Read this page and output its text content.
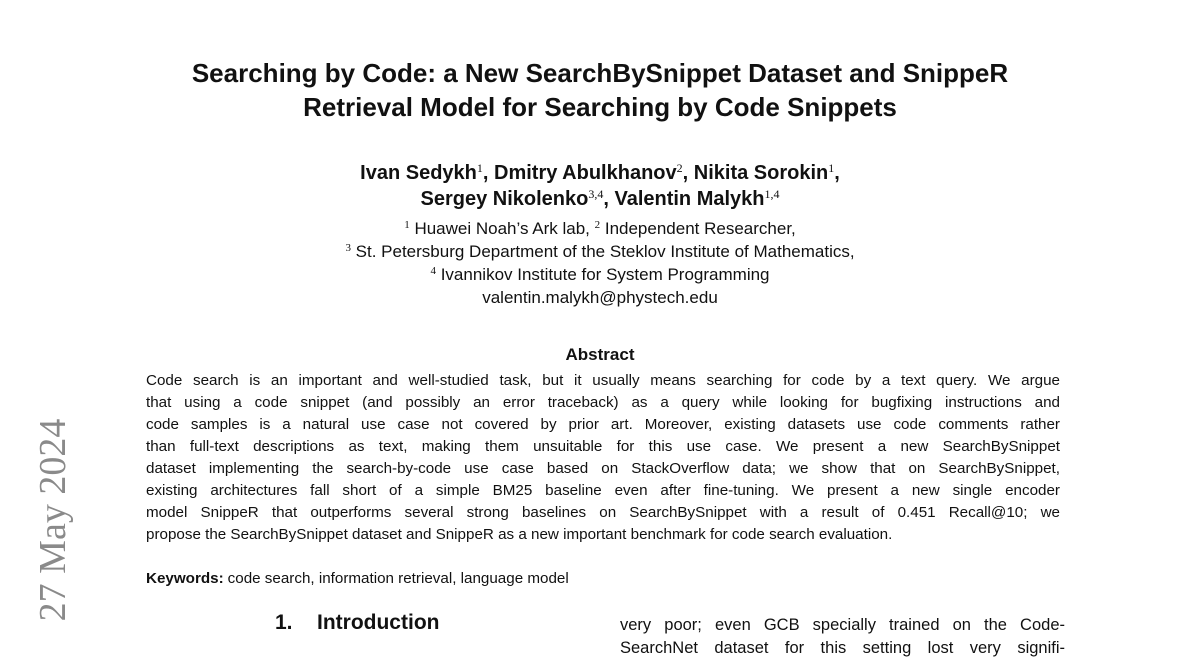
27 May 2024
Searching by Code: a New SearchBySnippet Dataset and SnippeR
Retrieval Model for Searching by Code Snippets
Ivan Sedykh$^1$, Dmitry Abulkhanov$^2$, Nikita Sorokin$^1$,
Sergey Nikolenko$^{3,4}$, Valentin Malykh$^{1,4}$
$^1$ Huawei Noah’s Ark lab, $^2$ Independent Researcher,
$^3$ St. Petersburg Department of the Steklov Institute of Mathematics,
$^4$ Ivannikov Institute for System Programming
valentin.malykh@phystech.edu
Abstract
Code search is an important and well-studied task, but it usually means searching for code by a text query. We argue
that using a code snippet (and possibly an error traceback) as a query while looking for bugfixing instructions and
code samples is a natural use case not covered by prior art. Moreover, existing datasets use code comments rather
than full-text descriptions as text, making them unsuitable for this use case. We present a new SearchBySnippet
dataset implementing the search-by-code use case based on StackOverflow data; we show that on SearchBySnippet,
existing architectures fall short of a simple BM25 baseline even after fine-tuning. We present a new single encoder
model SnippeR that outperforms several strong baselines on SearchBySnippet with a result of 0.451 Recall@10; we
propose the SearchBySnippet dataset and SnippeR as a new important benchmark for code search evaluation.
Keywords: code search, information retrieval, language model
1. Introduction	very poor; even GCB specially trained on the Code-
SearchNet dataset for this setting lost very signifi-
